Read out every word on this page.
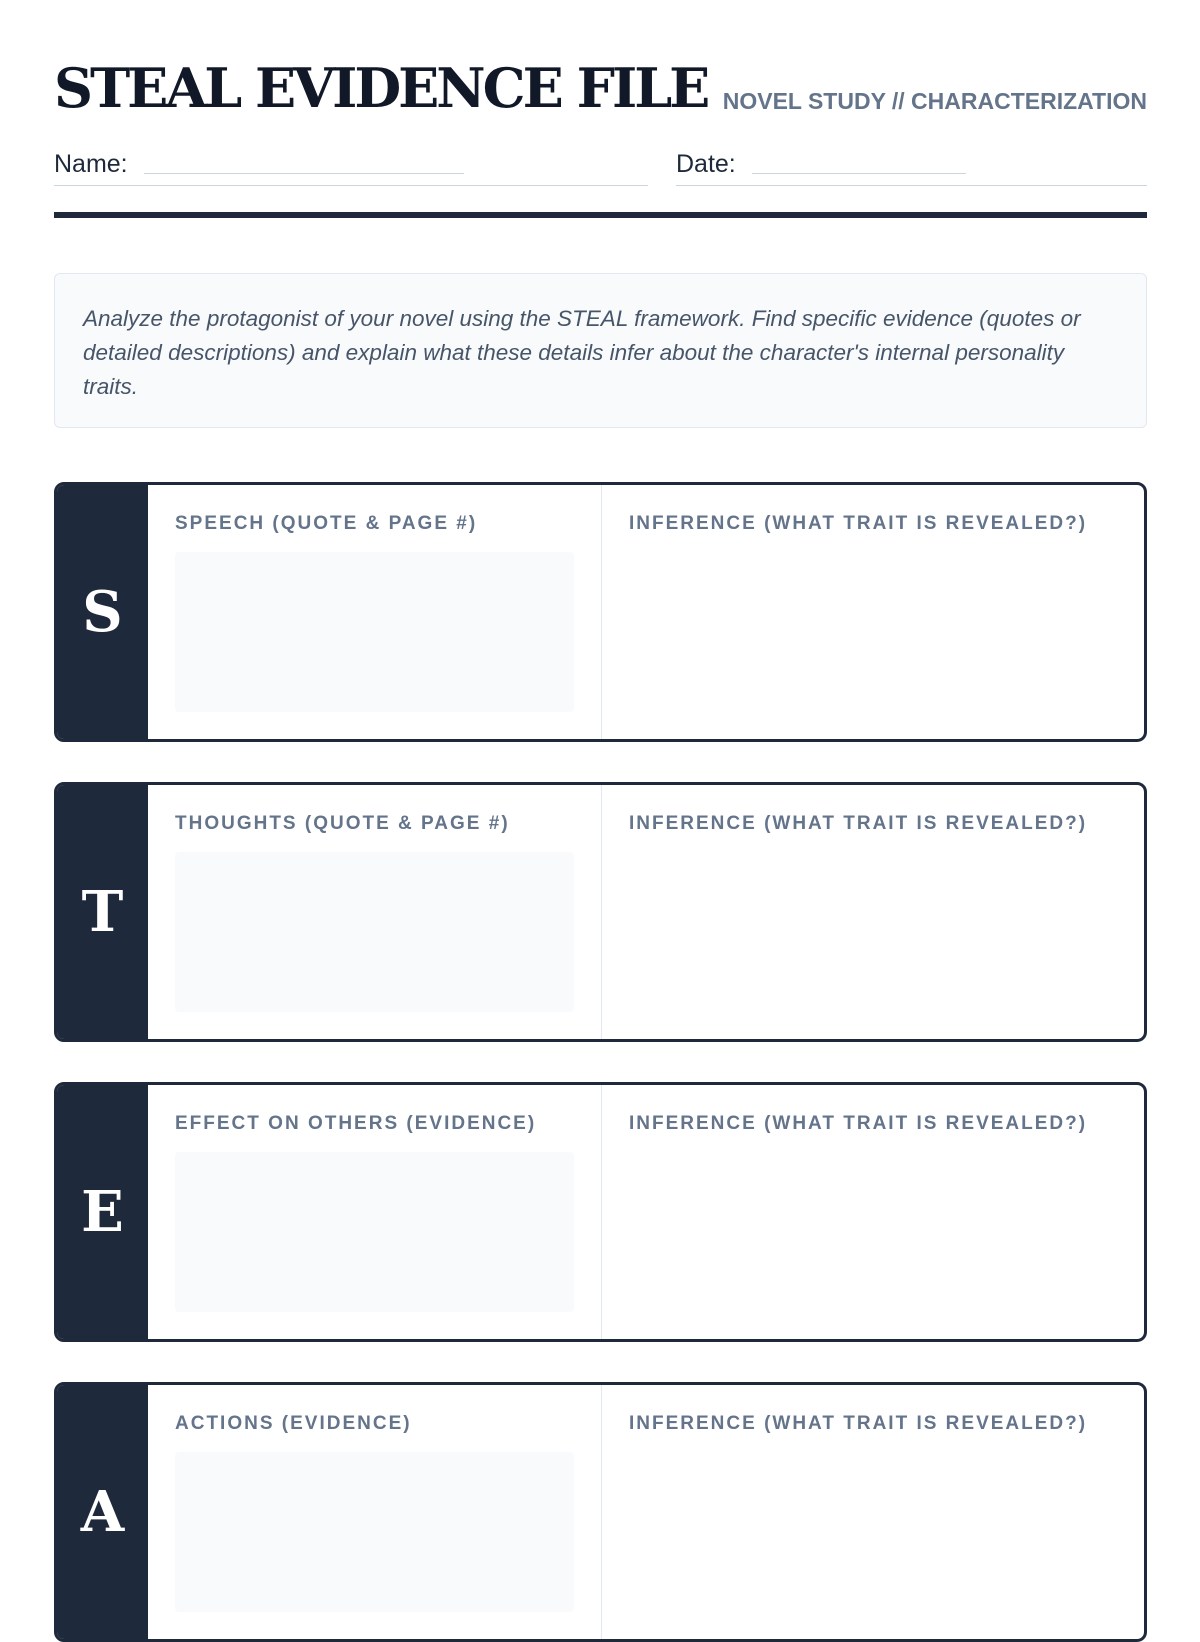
STEAL EVIDENCE FILE NOVEL STUDY // CHARACTERIZATION
Name:	Date:
Analyze the protagonist of your novel using the STEAL framework. Find specific evidence (quotes or detailed descriptions) and explain what these details infer about the character's internal personality traits.
S
SPEECH (QUOTE & PAGE #)	INFERENCE (WHAT TRAIT IS REVEALED?)
T
THOUGHTS (QUOTE & PAGE #)	INFERENCE (WHAT TRAIT IS REVEALED?)
E
EFFECT ON OTHERS (EVIDENCE)	INFERENCE (WHAT TRAIT IS REVEALED?)
A
ACTIONS (EVIDENCE)	INFERENCE (WHAT TRAIT IS REVEALED?)
